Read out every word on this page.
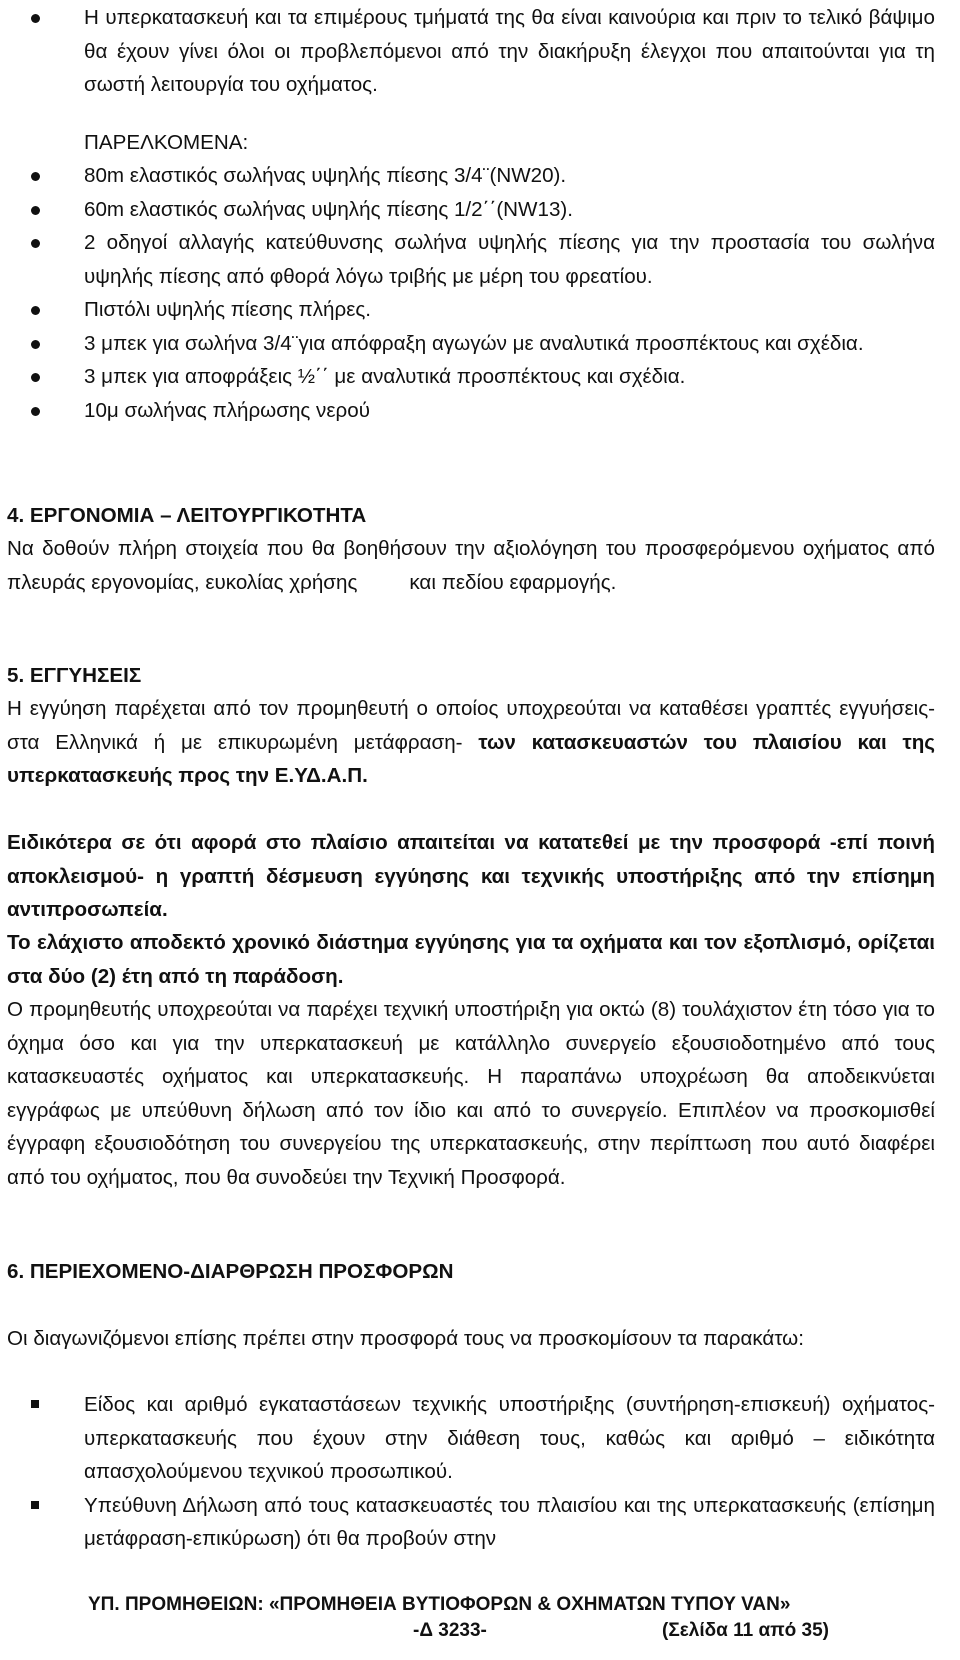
Η υπερκατασκευή και τα επιμέρους τμήματά της θα είναι καινούρια και πριν το τελικό βάψιμο θα έχουν γίνει όλοι οι προβλεπόμενοι από την διακήρυξη έλεγχοι που απαιτούνται για τη σωστή λειτουργία του οχήματος.
ΠΑΡΕΛΚΟΜΕΝΑ:
80m ελαστικός σωλήνας υψηλής πίεσης 3/4¨(NW20).
60m ελαστικός σωλήνας υψηλής πίεσης 1/2΄΄(NW13).
2 οδηγοί αλλαγής κατεύθυνσης σωλήνα υψηλής πίεσης για την προστασία του σωλήνα υψηλής πίεσης από φθορά λόγω τριβής με μέρη του φρεατίου.
Πιστόλι υψηλής πίεσης πλήρες.
3 μπεκ για σωλήνα 3/4¨για απόφραξη αγωγών με αναλυτικά προσπέκτους και σχέδια.
3 μπεκ για αποφράξεις ½΄΄ με αναλυτικά προσπέκτους και σχέδια.
10μ σωλήνας πλήρωσης νερού
4. ΕΡΓΟΝΟΜΙΑ – ΛΕΙΤΟΥΡΓΙΚΟΤΗΤΑ
Να δοθούν πλήρη στοιχεία που θα βοηθήσουν την αξιολόγηση του προσφερόμενου οχήματος από πλευράς εργονομίας, ευκολίας χρήσης	και πεδίου εφαρμογής.
5. ΕΓΓΥΗΣΕΙΣ
Η εγγύηση παρέχεται από τον προμηθευτή ο οποίος υποχρεούται να καταθέσει γραπτές εγγυήσεις- στα Ελληνικά ή με επικυρωμένη μετάφραση- των κατασκευαστών του πλαισίου και της υπερκατασκευής προς την Ε.ΥΔ.Α.Π.
Ειδικότερα σε ότι αφορά στο πλαίσιο απαιτείται να κατατεθεί με την προσφορά -επί ποινή αποκλεισμού- η γραπτή δέσμευση εγγύησης και τεχνικής υποστήριξης από την επίσημη αντιπροσωπεία.
Το ελάχιστο αποδεκτό χρονικό διάστημα εγγύησης για τα οχήματα και τον εξοπλισμό, ορίζεται στα δύο (2) έτη από τη παράδοση.
Ο προμηθευτής υποχρεούται να παρέχει τεχνική υποστήριξη για οκτώ (8) τουλάχιστον έτη τόσο για το όχημα όσο και για την υπερκατασκευή με κατάλληλο συνεργείο εξουσιοδοτημένο από τους κατασκευαστές οχήματος και υπερκατασκευής. Η παραπάνω υποχρέωση θα αποδεικνύεται εγγράφως με υπεύθυνη δήλωση από τον ίδιο και από το συνεργείο. Επιπλέον να προσκομισθεί έγγραφη εξουσιοδότηση του συνεργείου της υπερκατασκευής, στην περίπτωση που αυτό διαφέρει από του οχήματος, που θα συνοδεύει την Τεχνική Προσφορά.
6. ΠΕΡΙΕΧΟΜΕΝΟ-ΔΙΑΡΘΡΩΣΗ ΠΡΟΣΦΟΡΩΝ
Οι διαγωνιζόμενοι επίσης πρέπει στην προσφορά τους να προσκομίσουν τα παρακάτω:
Είδος και αριθμό εγκαταστάσεων τεχνικής υποστήριξης (συντήρηση-επισκευή) οχήματος-υπερκατασκευής που έχουν στην διάθεση τους, καθώς και αριθμό – ειδικότητα απασχολούμενου τεχνικού προσωπικού.
Υπεύθυνη Δήλωση από τους κατασκευαστές του πλαισίου και της υπερκατασκευής (επίσημη μετάφραση-επικύρωση) ότι θα προβούν στην
ΥΠ. ΠΡΟΜΗΘΕΙΩΝ: «ΠΡΟΜΗΘΕΙΑ ΒΥΤΙΟΦΟΡΩΝ & ΟΧΗΜΑΤΩΝ ΤΥΠΟΥ VAN»
-Δ 3233-	(Σελίδα 11 από 35)
